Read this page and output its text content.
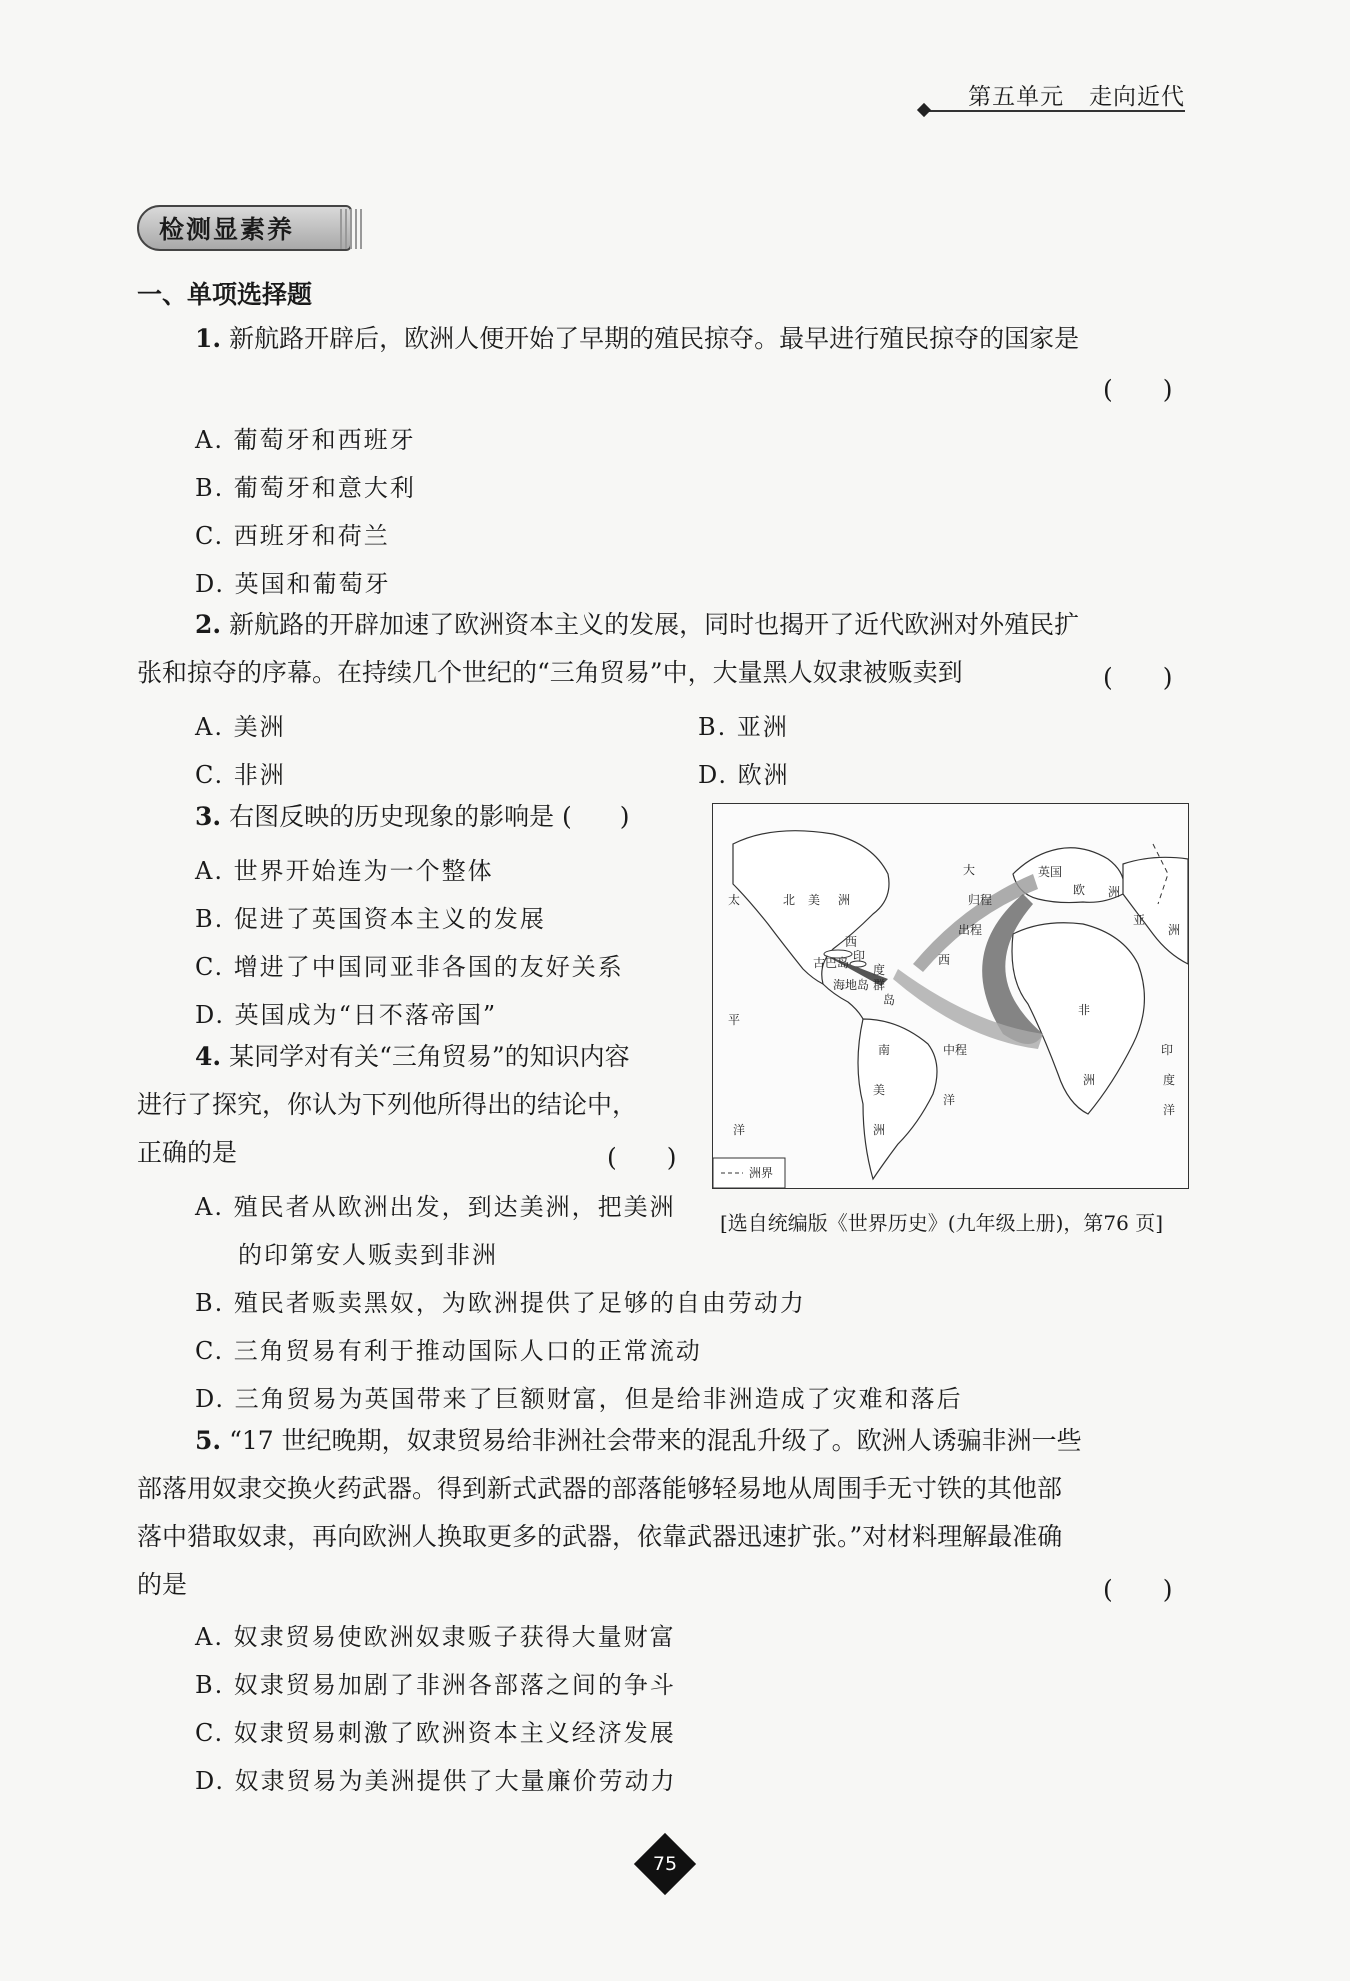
第五单元 走向近代
检测显素养
一、单项选择题
1. 新航路开辟后，欧洲人便开始了早期的殖民掠夺。最早进行殖民掠夺的国家是
(　　)
A. 葡萄牙和西班牙
B. 葡萄牙和意大利
C. 西班牙和荷兰
D. 英国和葡萄牙
2. 新航路的开辟加速了欧洲资本主义的发展，同时也揭开了近代欧洲对外殖民扩
张和掠夺的序幕。在持续几个世纪的“三角贸易”中，大量黑人奴隶被贩卖到	(　　)
A. 美洲	B. 亚洲
C. 非洲	D. 欧洲
3. 右图反映的历史现象的影响是 ( )
A. 世界开始连为一个整体
B. 促进了英国资本主义的发展
C. 增进了中国同亚非各国的友好关系
D. 英国成为“日不落帝国”
4. 某同学对有关“三角贸易”的知识内容
进行了探究，你认为下列他所得出的结论中，
正确的是	(　　)
A. 殖民者从欧洲出发，到达美洲，把美洲
的印第安人贩卖到非洲
B. 殖民者贩卖黑奴，为欧洲提供了足够的自由劳动力
C. 三角贸易有利于推动国际人口的正常流动
D. 三角贸易为英国带来了巨额财富，但是给非洲造成了灾难和落后
5. “17 世纪晚期，奴隶贸易给非洲社会带来的混乱升级了。欧洲人诱骗非洲一些
部落用奴隶交换火药武器。得到新式武器的部落能够轻易地从周围手无寸铁的其他部
落中猎取奴隶，再向欧洲人换取更多的武器，依靠武器迅速扩张。”对材料理解最准确
的是	(　　)
A. 奴隶贸易使欧洲奴隶贩子获得大量财富
B. 奴隶贸易加剧了非洲各部落之间的争斗
C. 奴隶贸易刺激了欧洲资本主义经济发展
D. 奴隶贸易为美洲提供了大量廉价劳动力
大	英国
欧 洲
亚
洲
北 美 洲
太
平
洋
西
印
度
古巴岛
海地岛 群
岛
西
南
美
洲
洋
非
洲
印
度
洋
归程
出程
中程
洲界
[选自统编版《世界历史》(九年级上册)，第76 页]
75
